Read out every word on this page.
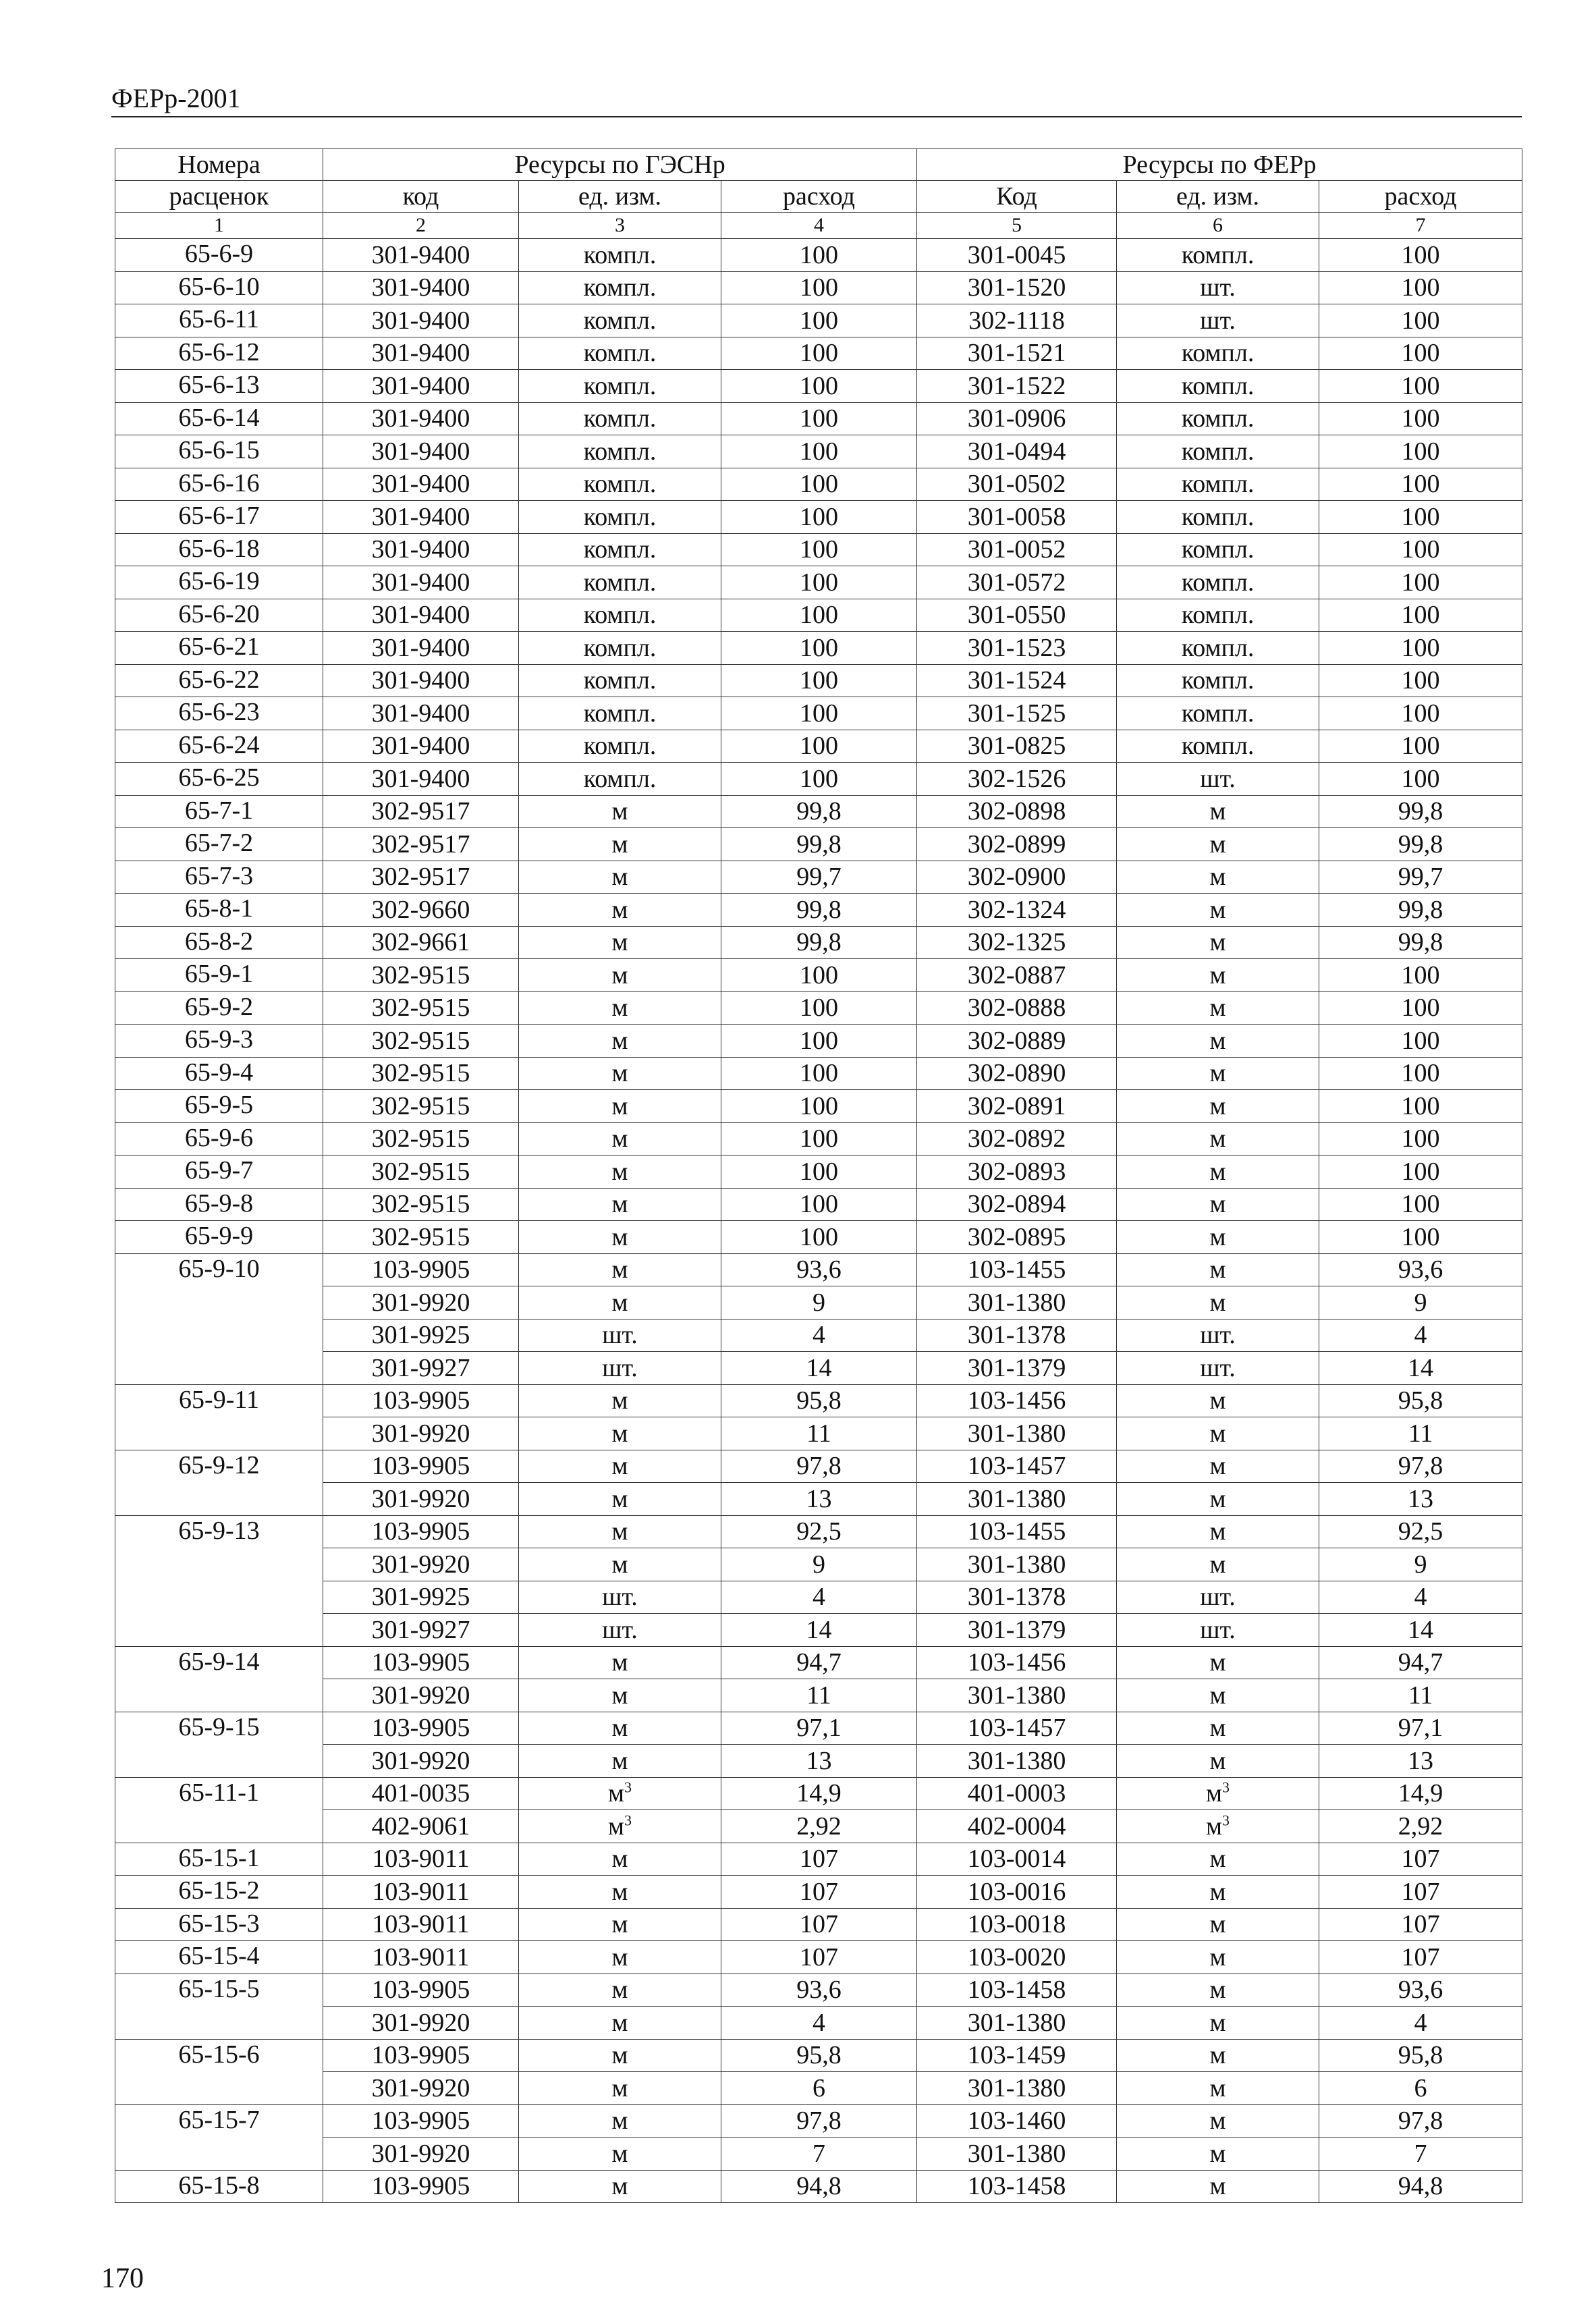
ФЕРр-2001
Номера	Ресурсы по ГЭСНр			Ресурсы по ФЕРр		
расценок	код	ед. изм.	расход	Код	ед. изм.	расход
1	2	3	4	5	6	7
65-6-9	301-9400	компл.	100	301-0045	компл.	100
65-6-10	301-9400	компл.	100	301-1520	шт.	100
65-6-11	301-9400	компл.	100	302-1118	шт.	100
65-6-12	301-9400	компл.	100	301-1521	компл.	100
65-6-13	301-9400	компл.	100	301-1522	компл.	100
65-6-14	301-9400	компл.	100	301-0906	компл.	100
65-6-15	301-9400	компл.	100	301-0494	компл.	100
65-6-16	301-9400	компл.	100	301-0502	компл.	100
65-6-17	301-9400	компл.	100	301-0058	компл.	100
65-6-18	301-9400	компл.	100	301-0052	компл.	100
65-6-19	301-9400	компл.	100	301-0572	компл.	100
65-6-20	301-9400	компл.	100	301-0550	компл.	100
65-6-21	301-9400	компл.	100	301-1523	компл.	100
65-6-22	301-9400	компл.	100	301-1524	компл.	100
65-6-23	301-9400	компл.	100	301-1525	компл.	100
65-6-24	301-9400	компл.	100	301-0825	компл.	100
65-6-25	301-9400	компл.	100	302-1526	шт.	100
65-7-1	302-9517	м	99,8	302-0898	м	99,8
65-7-2	302-9517	м	99,8	302-0899	м	99,8
65-7-3	302-9517	м	99,7	302-0900	м	99,7
65-8-1	302-9660	м	99,8	302-1324	м	99,8
65-8-2	302-9661	м	99,8	302-1325	м	99,8
65-9-1	302-9515	м	100	302-0887	м	100
65-9-2	302-9515	м	100	302-0888	м	100
65-9-3	302-9515	м	100	302-0889	м	100
65-9-4	302-9515	м	100	302-0890	м	100
65-9-5	302-9515	м	100	302-0891	м	100
65-9-6	302-9515	м	100	302-0892	м	100
65-9-7	302-9515	м	100	302-0893	м	100
65-9-8	302-9515	м	100	302-0894	м	100
65-9-9	302-9515	м	100	302-0895	м	100
65-9-10	103-9905	м	93,6	103-1455	м	93,6
	301-9920	м	9	301-1380	м	9
	301-9925	шт.	4	301-1378	шт.	4
	301-9927	шт.	14	301-1379	шт.	14
65-9-11	103-9905	м	95,8	103-1456	м	95,8
	301-9920	м	11	301-1380	м	11
65-9-12	103-9905	м	97,8	103-1457	м	97,8
	301-9920	м	13	301-1380	м	13
65-9-13	103-9905	м	92,5	103-1455	м	92,5
	301-9920	м	9	301-1380	м	9
	301-9925	шт.	4	301-1378	шт.	4
	301-9927	шт.	14	301-1379	шт.	14
65-9-14	103-9905	м	94,7	103-1456	м	94,7
	301-9920	м	11	301-1380	м	11
65-9-15	103-9905	м	97,1	103-1457	м	97,1
	301-9920	м	13	301-1380	м	13
65-11-1	401-0035	$м^3$	14,9	401-0003	$м^3$	14,9
	402-9061	$м^3$	2,92	402-0004	$м^3$	2,92
65-15-1	103-9011	м	107	103-0014	м	107
65-15-2	103-9011	м	107	103-0016	м	107
65-15-3	103-9011	м	107	103-0018	м	107
65-15-4	103-9011	м	107	103-0020	м	107
65-15-5	103-9905	м	93,6	103-1458	м	93,6
	301-9920	м	4	301-1380	м	4
65-15-6	103-9905	м	95,8	103-1459	м	95,8
	301-9920	м	6	301-1380	м	6
65-15-7	103-9905	м	97,8	103-1460	м	97,8
	301-9920	м	7	301-1380	м	7
65-15-8	103-9905	м	94,8	103-1458	м	94,8
170
